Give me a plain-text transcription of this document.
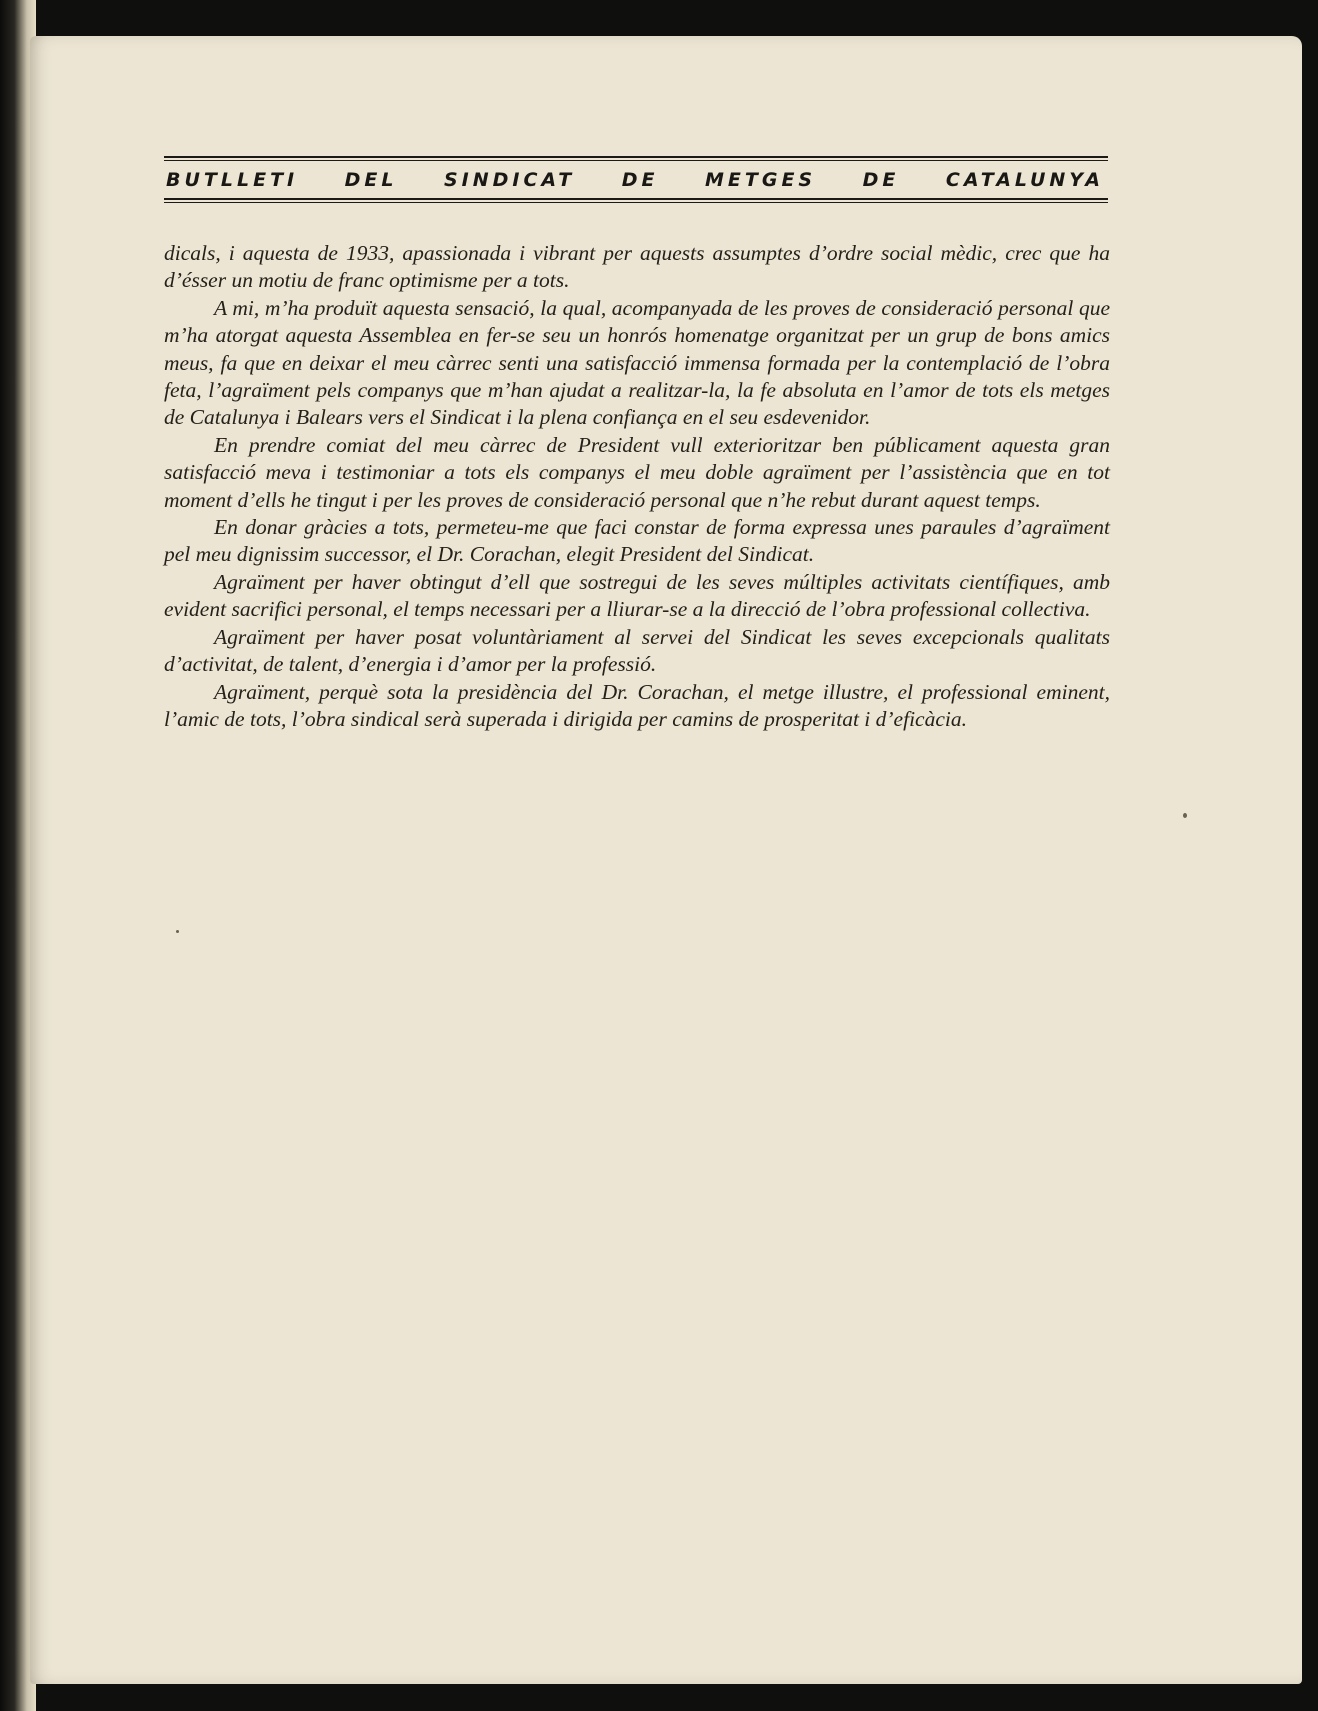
BUTLLETI DEL SINDICAT DE METGES DE CATALUNYA

dicals, i aquesta de 1933, apassionada i vibrant per aquests assumptes d’ordre social mèdic, crec que ha d’ésser un motiu de franc optimisme per a tots.

A mi, m’ha produït aquesta sensació, la qual, acompanyada de les proves de consideració personal que m’ha atorgat aquesta Assemblea en fer-se seu un honrós homenatge organitzat per un grup de bons amics meus, fa que en deixar el meu càrrec senti una satisfacció immensa formada per la contemplació de l’obra feta, l’agraïment pels companys que m’han ajudat a realitzar-la, la fe absoluta en l’amor de tots els metges de Catalunya i Balears vers el Sindicat i la plena confiança en el seu esdevenidor.

En prendre comiat del meu càrrec de President vull exterioritzar ben públicament aquesta gran satisfacció meva i testimoniar a tots els companys el meu doble agraïment per l’assistència que en tot moment d’ells he tingut i per les proves de consideració personal que n’he rebut durant aquest temps.

En donar gràcies a tots, permeteu-me que faci constar de forma expressa unes paraules d’agraïment pel meu dignissim successor, el Dr. Corachan, elegit President del Sindicat.

Agraïment per haver obtingut d’ell que sostregui de les seves múltiples activitats científiques, amb evident sacrifici personal, el temps necessari per a lliurar-se a la direcció de l’obra professional collectiva.

Agraïment per haver posat voluntàriament al servei del Sindicat les seves excepcionals qualitats d’activitat, de talent, d’energia i d’amor per la professió.

Agraïment, perquè sota la presidència del Dr. Corachan, el metge illustre, el professional eminent, l’amic de tots, l’obra sindical serà superada i dirigida per camins de prosperitat i d’eficàcia.
